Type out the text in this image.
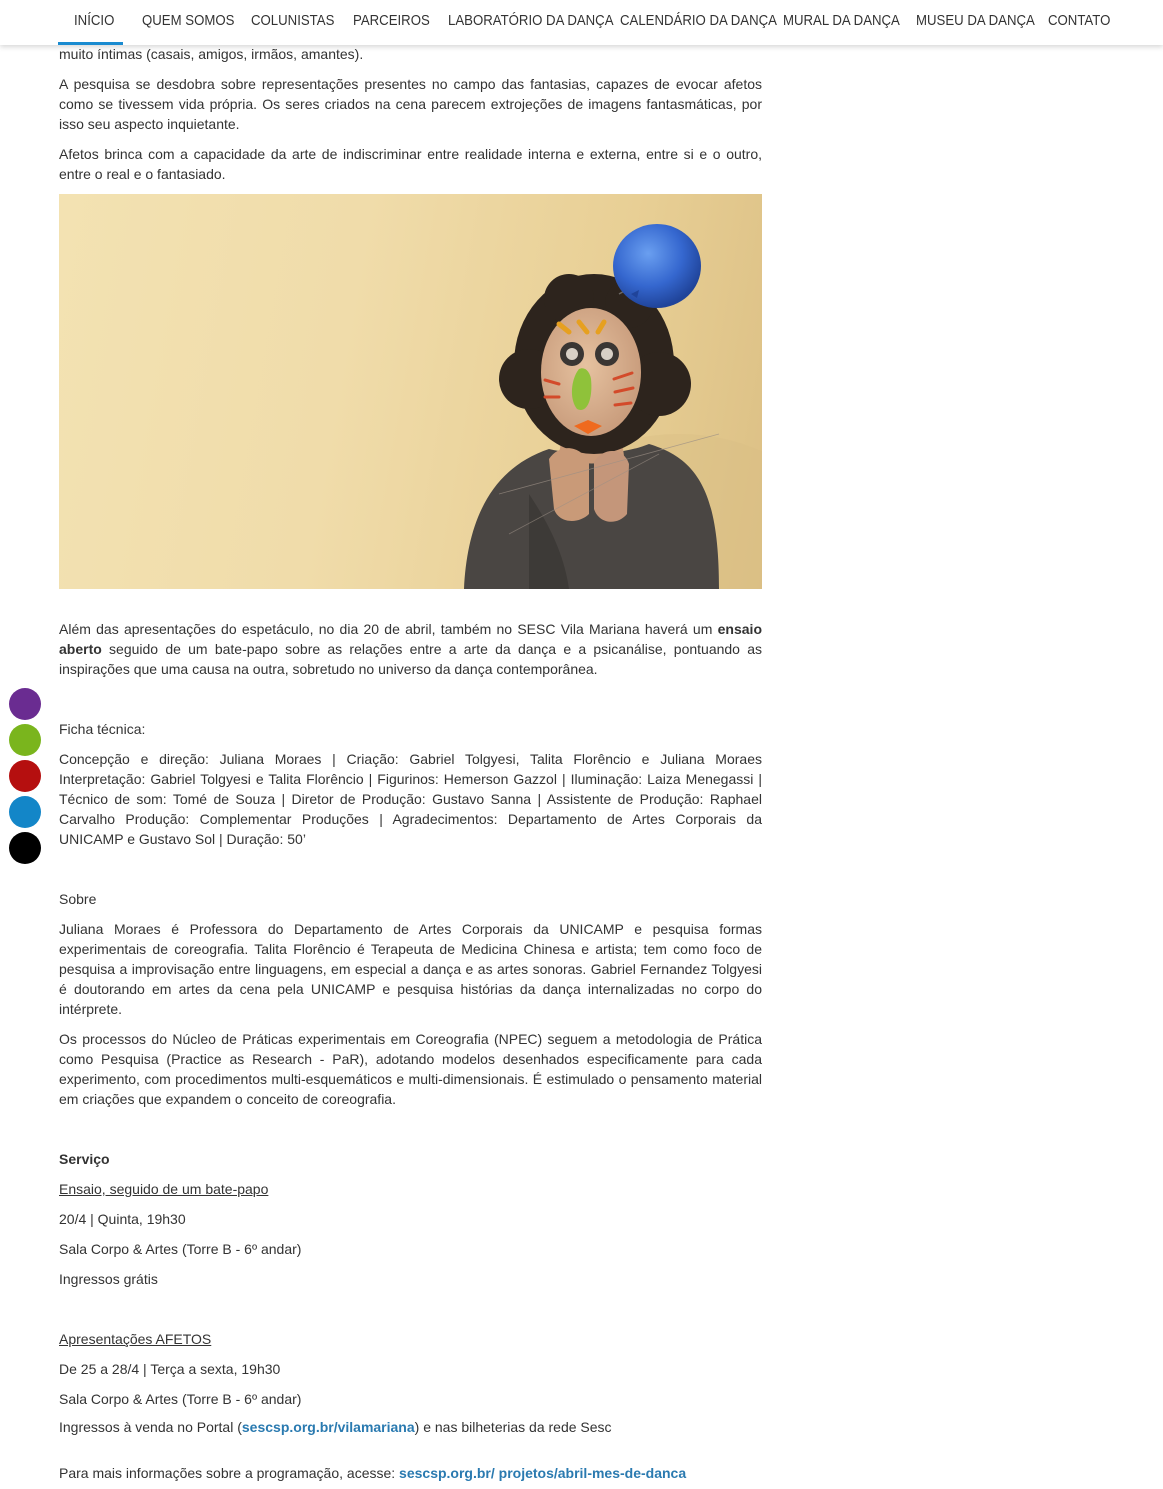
INÍCIO QUEM SOMOS COLUNISTAS PARCEIROS LABORATÓRIO DA DANÇA CALENDÁRIO DA DANÇA MURAL DA DANÇA MUSEU DA DANÇA CONTATO

muito íntimas (casais, amigos, irmãos, amantes).

A pesquisa se desdobra sobre representações presentes no campo das fantasias, capazes de evocar afetos como se tivessem vida própria. Os seres criados na cena parecem extrojeções de imagens fantasmáticas, por isso seu aspecto inquietante.

Afetos brinca com a capacidade da arte de indiscriminar entre realidade interna e externa, entre si e o outro, entre o real e o fantasiado.

Além das apresentações do espetáculo, no dia 20 de abril, também no SESC Vila Mariana haverá um ensaio aberto seguido de um bate-papo sobre as relações entre a arte da dança e a psicanálise, pontuando as inspirações que uma causa na outra, sobretudo no universo da dança contemporânea.

Ficha técnica:

Concepção e direção: Juliana Moraes | Criação: Gabriel Tolgyesi, Talita Florêncio e Juliana Moraes Interpretação: Gabriel Tolgyesi e Talita Florêncio | Figurinos: Hemerson Gazzol | Iluminação: Laiza Menegassi | Técnico de som: Tomé de Souza | Diretor de Produção: Gustavo Sanna | Assistente de Produção: Raphael Carvalho Produção: Complementar Produções | Agradecimentos: Departamento de Artes Corporais da UNICAMP e Gustavo Sol | Duração: 50’

Sobre

Juliana Moraes é Professora do Departamento de Artes Corporais da UNICAMP e pesquisa formas experimentais de coreografia. Talita Florêncio é Terapeuta de Medicina Chinesa e artista; tem como foco de pesquisa a improvisação entre linguagens, em especial a dança e as artes sonoras. Gabriel Fernandez Tolgyesi é doutorando em artes da cena pela UNICAMP e pesquisa histórias da dança internalizadas no corpo do intérprete.

Os processos do Núcleo de Práticas experimentais em Coreografia (NPEC) seguem a metodologia de Prática como Pesquisa (Practice as Research - PaR), adotando modelos desenhados especificamente para cada experimento, com procedimentos multi-esquemáticos e multi-dimensionais. É estimulado o pensamento material em criações que expandem o conceito de coreografia.

Serviço

Ensaio, seguido de um bate-papo

20/4 | Quinta, 19h30

Sala Corpo & Artes (Torre B - 6º andar)

Ingressos grátis

Apresentações AFETOS

De 25 a 28/4 | Terça a sexta, 19h30

Sala Corpo & Artes (Torre B - 6º andar)

Ingressos à venda no Portal (sescsp.org.br/vilamariana) e nas bilheterias da rede Sesc

Para mais informações sobre a programação, acesse: sescsp.org.br/ projetos/abril-mes-de-danca
